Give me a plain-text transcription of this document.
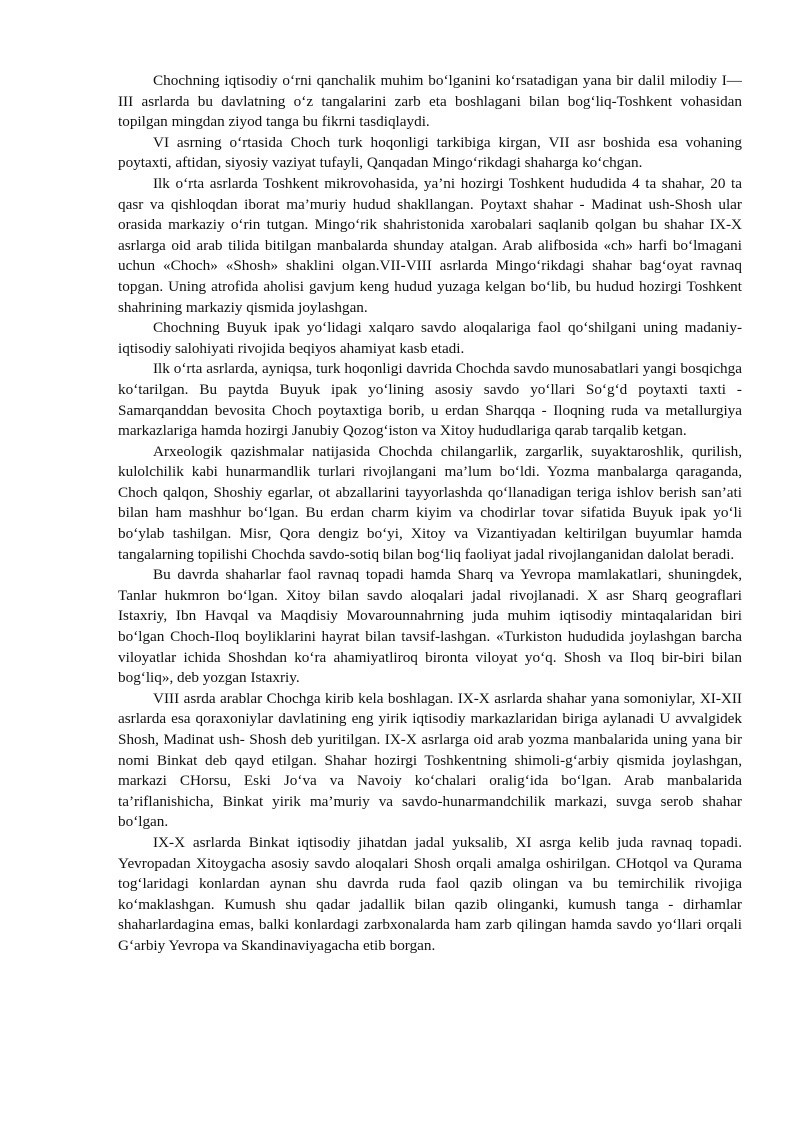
Chochning iqtisodiy o‘rni qanchalik muhim bo‘lganini ko‘rsatadigan yana bir dalil milodiy I—III asrlarda bu davlatning o‘z tangalarini zarb eta boshlagani bilan bog‘liq-Toshkent vohasidan topilgan mingdan ziyod tanga bu fikrni tasdiqlaydi.

VI asrning o‘rtasida Choch turk hoqonligi tarkibiga kirgan, VII asr boshida esa vohaning poytaxti, aftidan, siyosiy vaziyat tufayli, Qanqadan Mingo‘rikdagi shaharga ko‘chgan.

Ilk o‘rta asrlarda Toshkent mikrovohasida, ya’ni hozirgi Toshkent hududida 4 ta shahar, 20 ta qasr va qishloqdan iborat ma’muriy hudud shakllangan. Poytaxt shahar - Madinat ush-Shosh ular orasida markaziy o‘rin tutgan. Mingo‘rik shahristonida xarobalari saqlanib qolgan bu shahar IX-X asrlarga oid arab tilida bitilgan manbalarda shunday atalgan. Arab alifbosida «ch» harfi bo‘lmagani uchun «Choch» «Shosh» shaklini olgan.VII-VIII asrlarda Mingo‘rikdagi shahar bag‘oyat ravnaq topgan. Uning atrofida aholisi gavjum keng hudud yuzaga kelgan bo‘lib, bu hudud hozirgi Toshkent shahrining markaziy qismida joylashgan.

Chochning Buyuk ipak yo‘lidagi xalqaro savdo aloqalariga faol qo‘shilgani uning madaniy-iqtisodiy salohiyati rivojida beqiyos ahamiyat kasb etadi.

Ilk o‘rta asrlarda, ayniqsa, turk hoqonligi davrida Chochda savdo munosabatlari yangi bosqichga ko‘tarilgan. Bu paytda Buyuk ipak yo‘lining asosiy savdo yo‘llari So‘g‘d poytaxti taxti - Samarqanddan bevosita Choch poytaxtiga borib, u erdan Sharqqa - Iloqning ruda va metallurgiya markazlariga hamda hozirgi Janubiy Qozog‘iston va Xitoy hududlariga qarab tarqalib ketgan.

Arxeologik qazishmalar natijasida Chochda chilangarlik, zargarlik, suyaktaroshlik, qurilish, kulolchilik kabi hunarmandlik turlari rivojlangani ma’lum bo‘ldi. Yozma manbalarga qaraganda, Choch qalqon, Shoshiy egarlar, ot abzallarini tayyorlashda qo‘llanadigan teriga ishlov berish san’ati bilan ham mashhur bo‘lgan. Bu erdan charm kiyim va chodirlar tovar sifatida Buyuk ipak yo‘li bo‘ylab tashilgan. Misr, Qora dengiz bo‘yi, Xitoy va Vizantiyadan keltirilgan buyumlar hamda tangalarning topilishi Chochda savdo-sotiq bilan bog‘liq faoliyat jadal rivojlanganidan dalolat beradi.

Bu davrda shaharlar faol ravnaq topadi hamda Sharq va Yevropa mamlakatlari, shuningdek, Tanlar hukmron bo‘lgan. Xitoy bilan savdo aloqalari jadal rivojlanadi. X asr Sharq geograflari Istaxriy, Ibn Havqal va Maqdisiy Movarounnahrning juda muhim iqtisodiy mintaqalaridan biri bo‘lgan Choch-Iloq boyliklarini hayrat bilan tavsif-lashgan. «Turkiston hududida joylashgan barcha viloyatlar ichida Shoshdan ko‘ra ahamiyatliroq bironta viloyat yo‘q. Shosh va Iloq bir-biri bilan bog‘liq», deb yozgan Istaxriy.

VIII asrda arablar Chochga kirib kela boshlagan. IX-X asrlarda shahar yana somoniylar, XI-XII asrlarda esa qoraxoniylar davlatining eng yirik iqtisodiy markazlaridan biriga aylanadi U avvalgidek Shosh, Madinat ush- Shosh deb yuritilgan. IX-X asrlarga oid arab yozma manbalarida uning yana bir nomi Binkat deb qayd etilgan. Shahar hozirgi Toshkentning shimoli-g‘arbiy qismida joylashgan, markazi CHorsu, Eski Jo‘va va Navoiy ko‘chalari oralig‘ida bo‘lgan. Arab manbalarida ta’riflanishicha, Binkat yirik ma’muriy va savdo-hunarmandchilik markazi, suvga serob shahar bo‘lgan.

IX-X asrlarda Binkat iqtisodiy jihatdan jadal yuksalib, XI asrga kelib juda ravnaq topadi. Yevropadan Xitoygacha asosiy savdo aloqalari Shosh orqali amalga oshirilgan. CHotqol va Qurama tog‘laridagi konlardan aynan shu davrda ruda faol qazib olingan va bu temirchilik rivojiga ko‘maklashgan. Kumush shu qadar jadallik bilan qazib olinganki, kumush tanga - dirhamlar shaharlardagina emas, balki konlardagi zarbxonalarda ham zarb qilingan hamda savdo yo‘llari orqali G‘arbiy Yevropa va Skandinaviyagacha etib borgan.
